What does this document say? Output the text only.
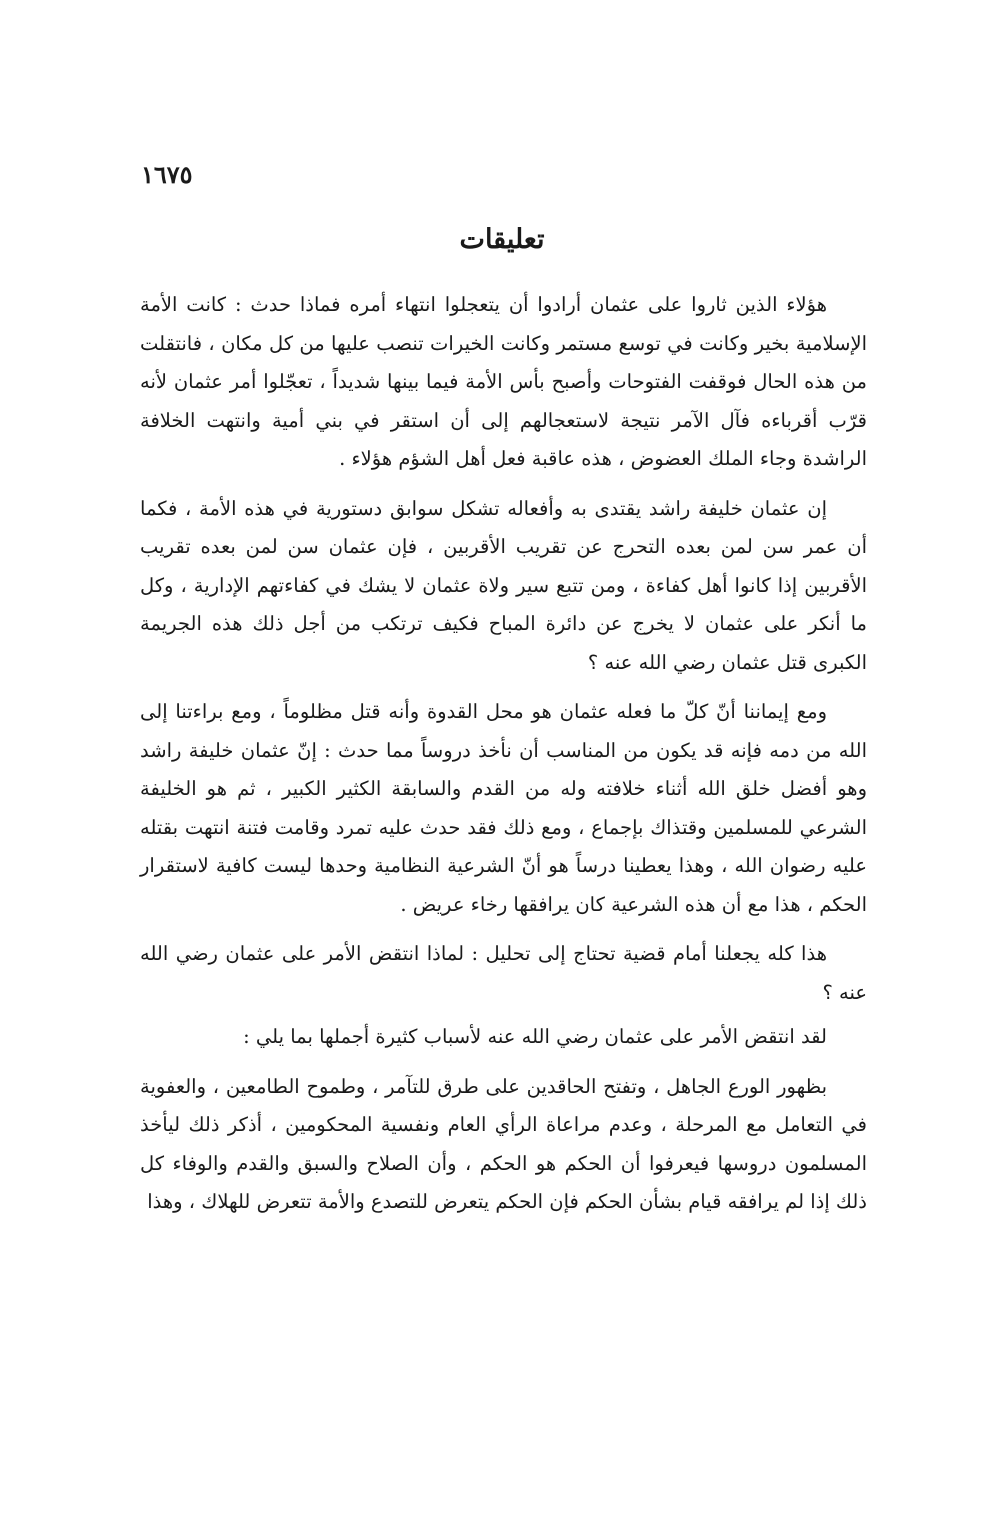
١٦٧٥
تعليقات

هؤلاء الذين ثاروا على عثمان أرادوا أن يتعجلوا انتهاء أمره فماذا حدث : كانت الأمة الإسلامية بخير وكانت في توسع مستمر وكانت الخيرات تنصب عليها من كل مكان ، فانتقلت من هذه الحال فوقفت الفتوحات وأصبح بأس الأمة فيما بينها شديداً ، تعجّلوا أمر عثمان لأنه قرّب أقرباءه فآل الآمر نتيجة لاستعجالهم إلى أن استقر في بني أمية وانتهت الخلافة الراشدة وجاء الملك العضوض ، هذه عاقبة فعل أهل الشؤم هؤلاء .

إن عثمان خليفة راشد يقتدى به وأفعاله تشكل سوابق دستورية في هذه الأمة ، فكما أن عمر سن لمن بعده التحرج عن تقريب الأقربين ، فإن عثمان سن لمن بعده تقريب الأقربين إذا كانوا أهل كفاءة ، ومن تتبع سير ولاة عثمان لا يشك في كفاءتهم الإدارية ، وكل ما أنكر على عثمان لا يخرج عن دائرة المباح فكيف ترتكب من أجل ذلك هذه الجريمة الكبرى قتل عثمان رضي الله عنه ؟

ومع إيماننا أنّ كلّ ما فعله عثمان هو محل القدوة وأنه قتل مظلوماً ، ومع براءتنا إلى الله من دمه فإنه قد يكون من المناسب أن نأخذ دروساً مما حدث : إنّ عثمان خليفة راشد وهو أفضل خلق الله أثناء خلافته وله من القدم والسابقة الكثير الكبير ، ثم هو الخليفة الشرعي للمسلمين وقتذاك بإجماع ، ومع ذلك فقد حدث عليه تمرد وقامت فتنة انتهت بقتله عليه رضوان الله ، وهذا يعطينا درساً هو أنّ الشرعية النظامية وحدها ليست كافية لاستقرار الحكم ، هذا مع أن هذه الشرعية كان يرافقها رخاء عريض .

هذا كله يجعلنا أمام قضية تحتاج إلى تحليل : لماذا انتقض الأمر على عثمان رضي الله عنه ؟

لقد انتقض الأمر على عثمان رضي الله عنه لأسباب كثيرة أجملها بما يلي :

بظهور الورع الجاهل ، وتفتح الحاقدين على طرق للتآمر ، وطموح الطامعين ، والعفوية في التعامل مع المرحلة ، وعدم مراعاة الرأي العام ونفسية المحكومين ، أذكر ذلك ليأخذ المسلمون دروسها فيعرفوا أن الحكم هو الحكم ، وأن الصلاح والسبق والقدم والوفاء كل ذلك إذا لم يرافقه قيام بشأن الحكم فإن الحكم يتعرض للتصدع والأمة تتعرض للهلاك ، وهذا
